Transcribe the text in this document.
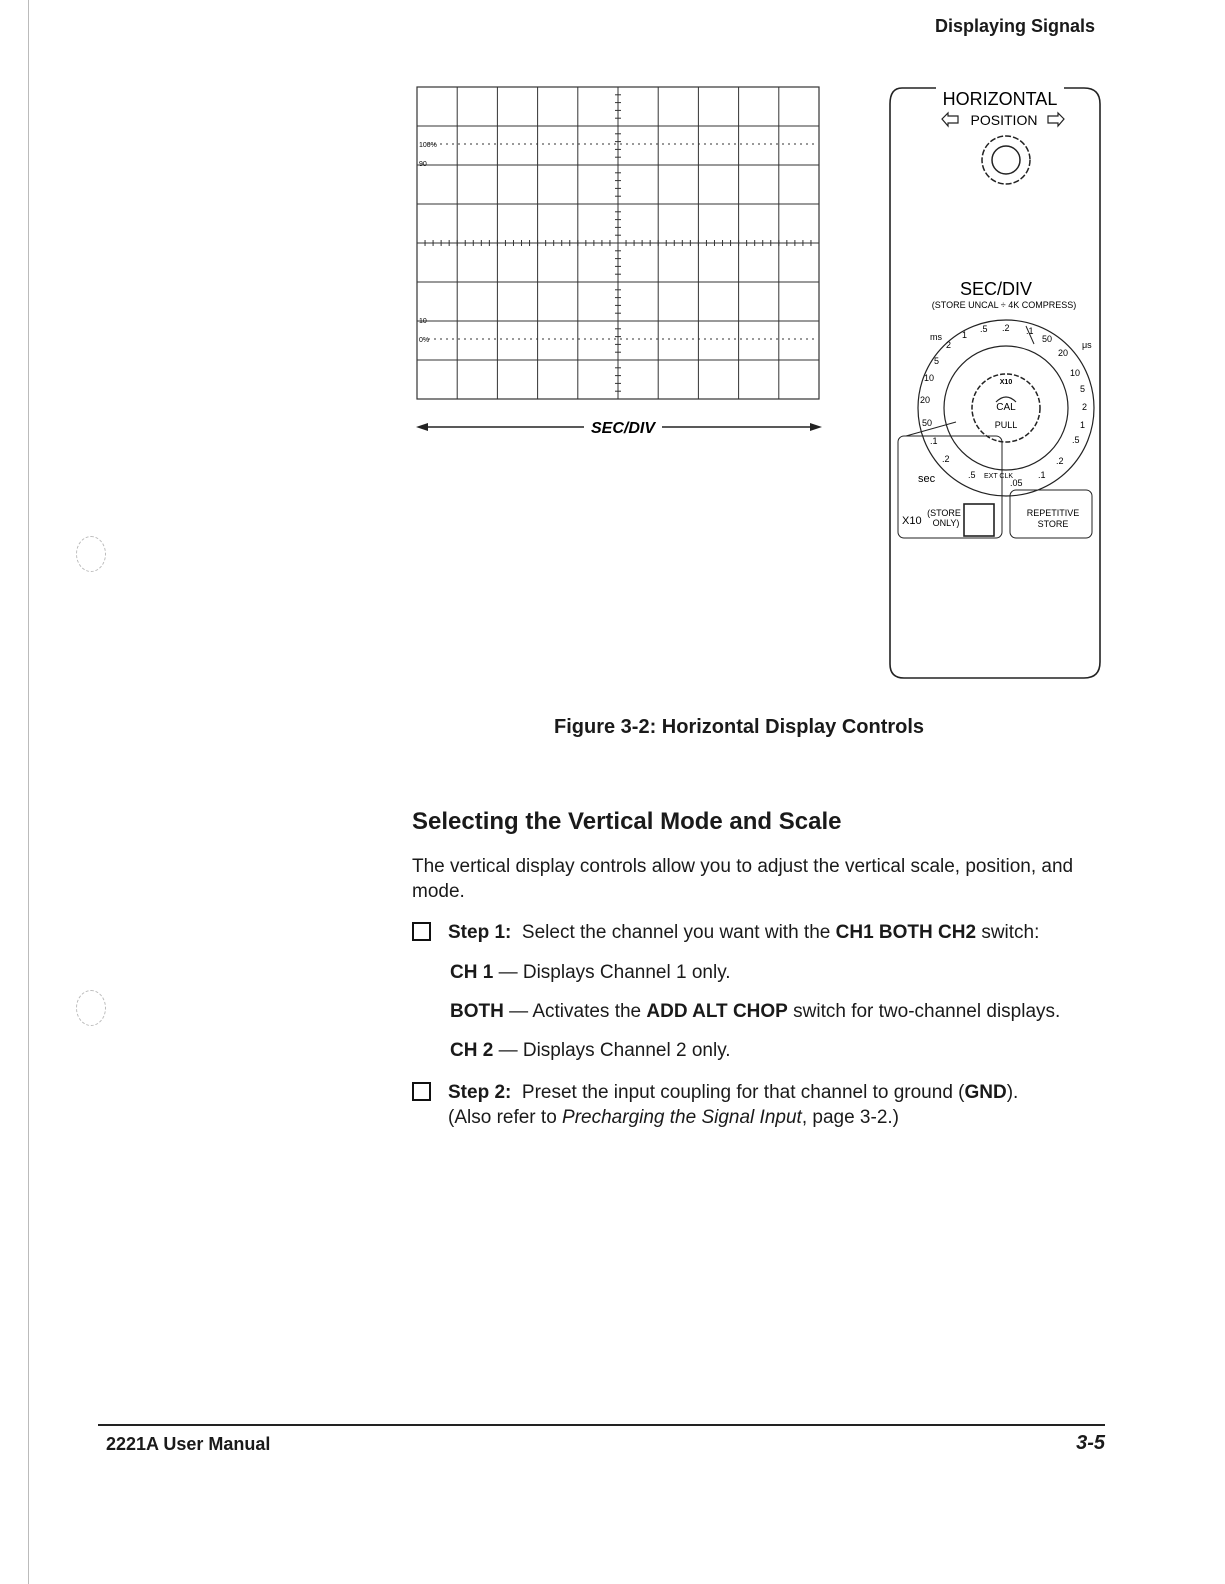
Displaying Signals
100%
90
10
0%
SEC/DIV
HORIZONTAL
POSITION
SEC/DIV
(STORE UNCAL ÷ 4K COMPRESS)
ms
μs
X10
CAL
PULL
2
1
.5 .2 .1
50
20
10
5
2
1
.5
.2
.1
.05
5
10
20
50
.1
.2
.5 EXT CLK
sec
X10
(STORE
ONLY)
REPETITIVE
STORE
Figure 3-2: Horizontal Display Controls
Selecting the Vertical Mode and Scale
The vertical display controls allow you to adjust the vertical scale, position, and mode.
Step 1: Select the channel you want with the CH1 BOTH CH2 switch:
CH 1 — Displays Channel 1 only.
BOTH — Activates the ADD ALT CHOP switch for two-channel displays.
CH 2 — Displays Channel 2 only.
Step 2: Preset the input coupling for that channel to ground (GND).
(Also refer to Precharging the Signal Input, page 3-2.)
2221A User Manual	3-5
